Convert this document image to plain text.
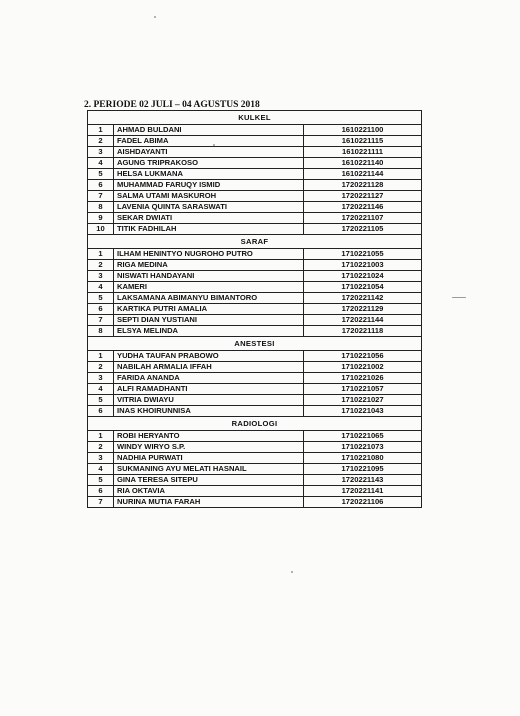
2. PERIODE 02 JULI – 04 AGUSTUS 2018
KULKEL		
1	AHMAD BULDANI	1610221100
2	FADEL ABIMA	1610221115
3	AISHDAYANTI	1610221111
4	AGUNG TRIPRAKOSO	1610221140
5	HELSA LUKMANA	1610221144
6	MUHAMMAD FARUQY ISMID	1720221128
7	SALMA UTAMI MASKUROH	1720221127
8	LAVENIA QUINTA SARASWATI	1720221146
9	SEKAR DWIATI	1720221107
10	TITIK FADHILAH	1720221105
SARAF		
1	ILHAM HENINTYO NUGROHO PUTRO	1710221055
2	RIGA MEDINA	1710221003
3	NISWATI HANDAYANI	1710221024
4	KAMERI	1710221054
5	LAKSAMANA ABIMANYU BIMANTORO	1720221142
6	KARTIKA PUTRI AMALIA	1720221129
7	SEPTI DIAN YUSTIANI	1720221144
8	ELSYA MELINDA	1720221118
ANESTESI		
1	YUDHA TAUFAN PRABOWO	1710221056
2	NABILAH ARMALIA IFFAH	1710221002
3	FARIDA ANANDA	1710221026
4	ALFI RAMADHANTI	1710221057
5	VITRIA DWIAYU	1710221027
6	INAS KHOIRUNNISA	1710221043
RADIOLOGI		
1	ROBI HERYANTO	1710221065
2	WINDY WIRYO S.P.	1710221073
3	NADHIA PURWATI	1710221080
4	SUKMANING AYU MELATI HASNAIL	1710221095
5	GINA TERESA SITEPU	1720221143
6	RIA OKTAVIA	1720221141
7	NURINA MUTIA FARAH	1720221106
